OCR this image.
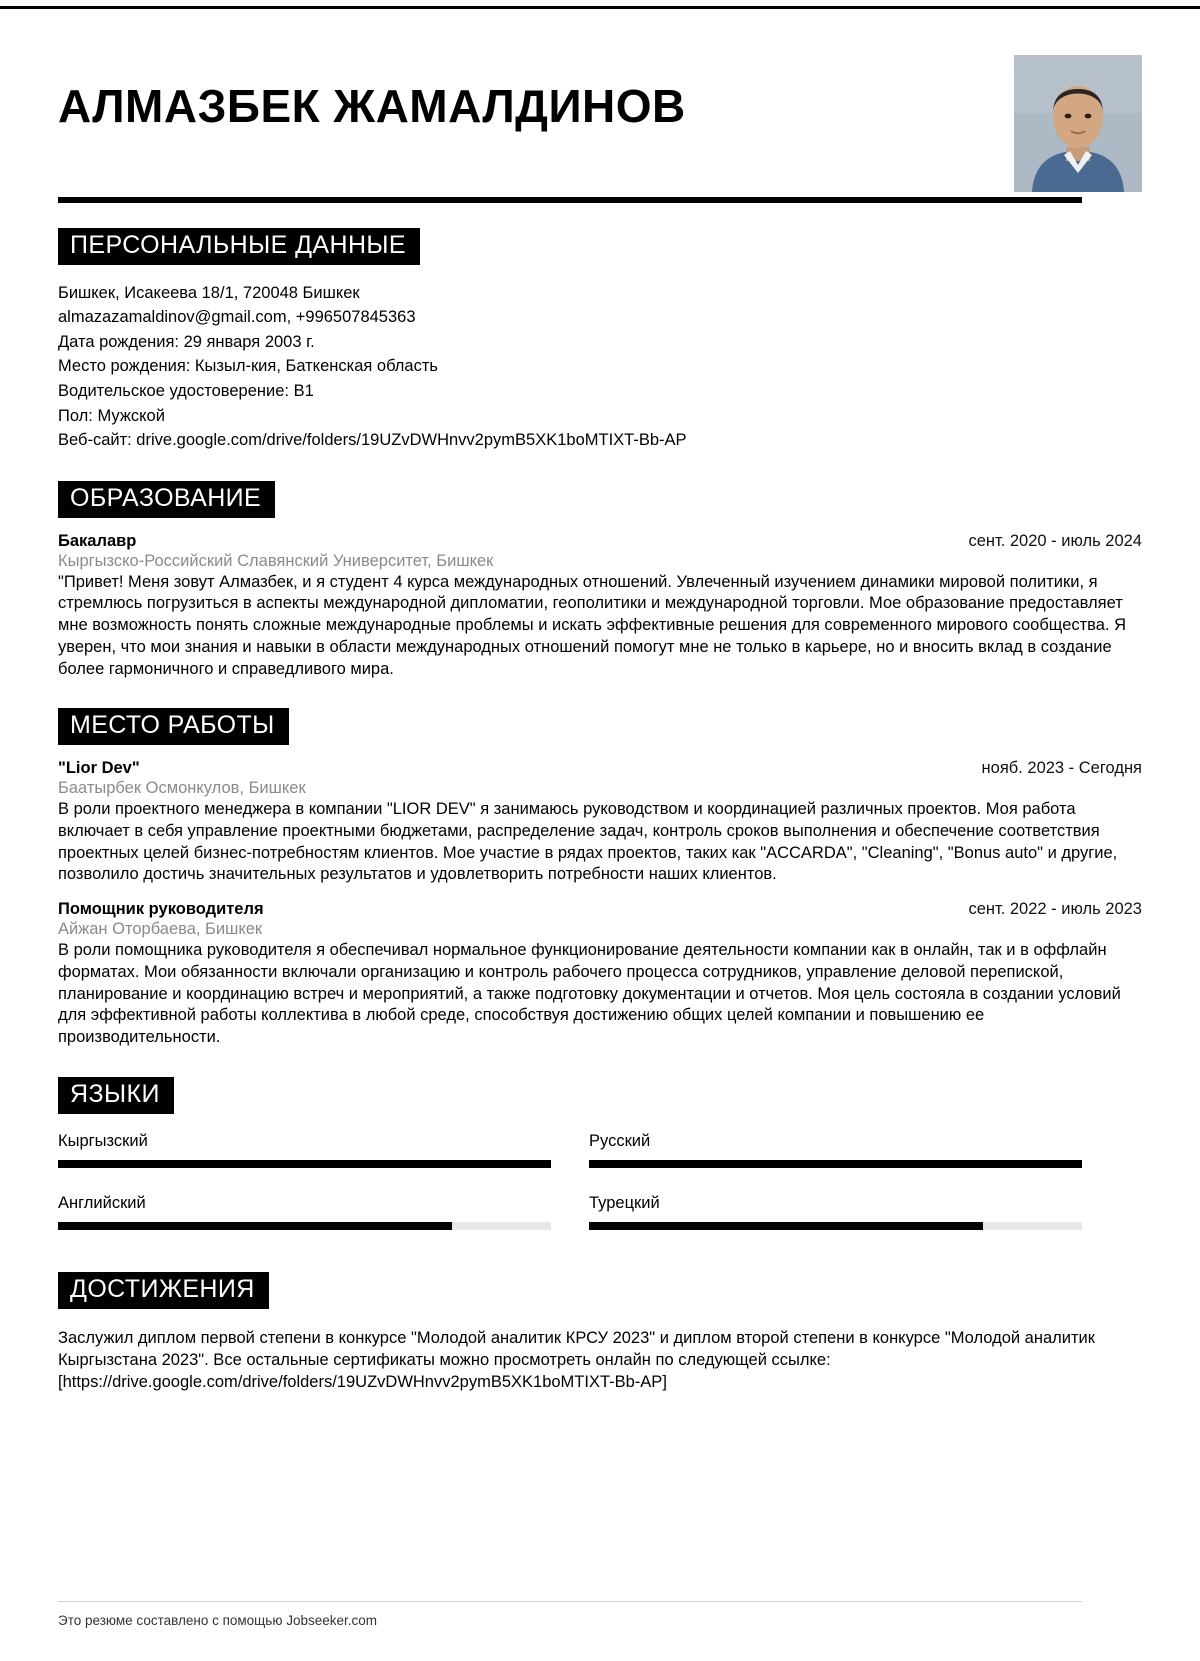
АЛМАЗБЕК ЖАМАЛДИНОВ
ПЕРСОНАЛЬНЫЕ ДАННЫЕ
Бишкек, Исакеева 18/1, 720048 Бишкек
almazazamaldinov@gmail.com, +996507845363
Дата рождения: 29 января 2003 г.
Место рождения: Кызыл-кия, Баткенская область
Водительское удостоверение: B1
Пол: Мужской
Веб-сайт: drive.google.com/drive/folders/19UZvDWHnvv2pymB5XK1boMTIXT-Bb-AP
ОБРАЗОВАНИЕ
Бакалавр	сент. 2020 - июль 2024
Кыргызско-Российский Славянский Университет, Бишкек
"Привет! Меня зовут Алмазбек, и я студент 4 курса международных отношений. Увлеченный изучением динамики мировой политики, я стремлюсь погрузиться в аспекты международной дипломатии, геополитики и международной торговли. Мое образование предоставляет мне возможность понять сложные международные проблемы и искать эффективные решения для современного мирового сообщества. Я уверен, что мои знания и навыки в области международных отношений помогут мне не только в карьере, но и вносить вклад в создание более гармоничного и справедливого мира.
МЕСТО РАБОТЫ
"Lior Dev"	нояб. 2023 - Сегодня
Баатырбек Осмонкулов, Бишкек
В роли проектного менеджера в компании "LIOR DEV" я занимаюсь руководством и координацией различных проектов. Моя работа включает в себя управление проектными бюджетами, распределение задач, контроль сроков выполнения и обеспечение соответствия проектных целей бизнес-потребностям клиентов. Мое участие в рядах проектов, таких как "ACCARDA", "Cleaning", "Bonus auto" и другие, позволило достичь значительных результатов и удовлетворить потребности наших клиентов.
Помощник руководителя	сент. 2022 - июль 2023
Айжан Оторбаева, Бишкек
В роли помощника руководителя я обеспечивал нормальное функционирование деятельности компании как в онлайн, так и в оффлайн форматах. Мои обязанности включали организацию и контроль рабочего процесса сотрудников, управление деловой перепиской, планирование и координацию встреч и мероприятий, а также подготовку документации и отчетов. Моя цель состояла в создании условий для эффективной работы коллектива в любой среде, способствуя достижению общих целей компании и повышению ее производительности.
ЯЗЫКИ
Кыргызский	Русский
Английский	Турецкий
ДОСТИЖЕНИЯ
Заслужил диплом первой степени в конкурсе "Молодой аналитик КРСУ 2023" и диплом второй степени в конкурсе "Молодой аналитик Кыргызстана 2023". Все остальные сертификаты можно просмотреть онлайн по следующей ссылке:[https://drive.google.com/drive/folders/19UZvDWHnvv2pymB5XK1boMTIXT-Bb-AP]
Это резюме составлено с помощью Jobseeker.com
